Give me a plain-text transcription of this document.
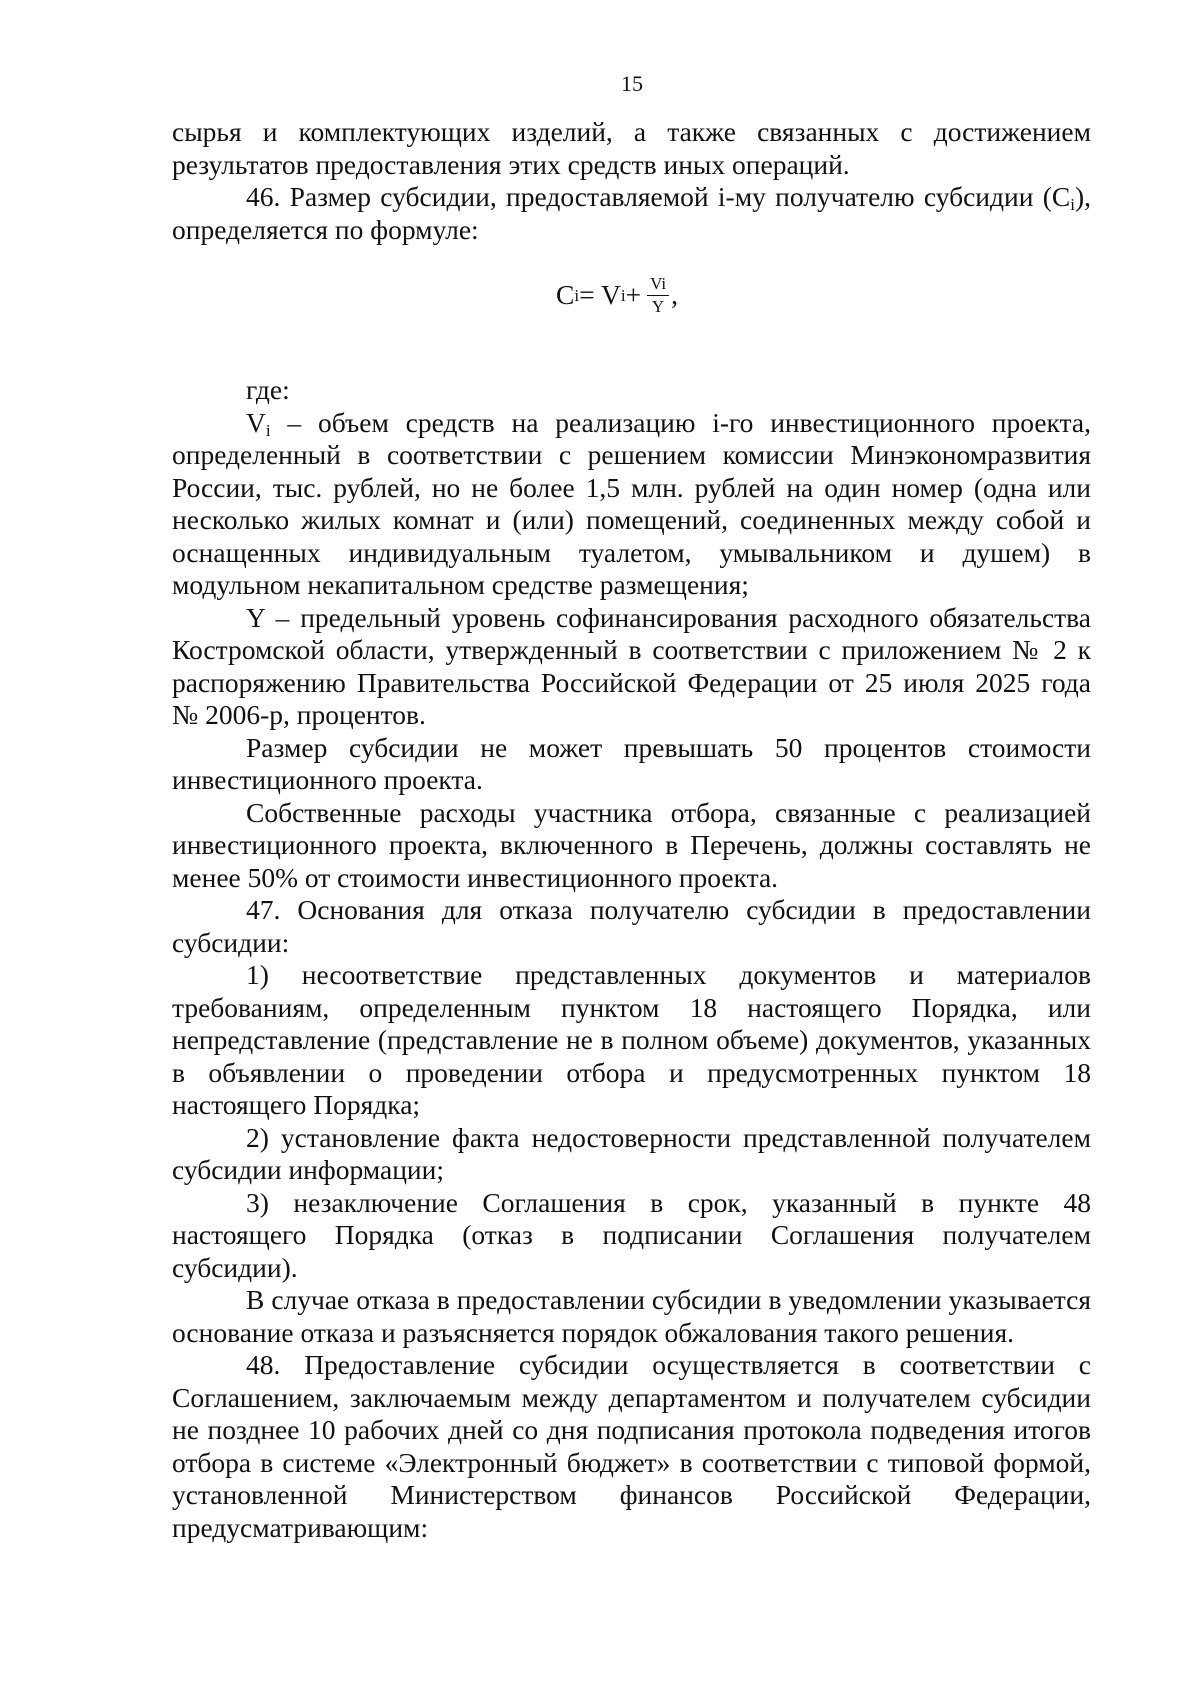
15

сырья и комплектующих изделий, а также связанных с достижением результатов предоставления этих средств иных операций.

46. Размер субсидии, предоставляемой i-му получателю субсидии $(C_i)$, определяется по формуле:

C i = V $i + \frac{Vi}{Y}$ ,

где:

$V_i$ – объем средств на реализацию i-го инвестиционного проекта, определенный в соответствии с решением комиссии Минэкономразвития России, тыс. рублей, но не более 1,5 млн. рублей на один номер (одна или несколько жилых комнат и (или) помещений, соединенных между собой и оснащенных индивидуальным туалетом, умывальником и душем) в модульном некапитальном средстве размещения;

Y – предельный уровень софинансирования расходного обязательства Костромской области, утвержденный в соответствии с приложением № 2 к распоряжению Правительства Российской Федерации от 25 июля 2025 года № 2006-р, процентов.

Размер субсидии не может превышать 50 процентов стоимости инвестиционного проекта.

Собственные расходы участника отбора, связанные с реализацией инвестиционного проекта, включенного в Перечень, должны составлять не менее 50% от стоимости инвестиционного проекта.

47. Основания для отказа получателю субсидии в предоставлении субсидии:

1) несоответствие представленных документов и материалов требованиям, определенным пунктом 18 настоящего Порядка, или непредставление (представление не в полном объеме) документов, указанных в объявлении о проведении отбора и предусмотренных пунктом 18 настоящего Порядка;

2) установление факта недостоверности представленной получателем субсидии информации;

3) незаключение Соглашения в срок, указанный в пункте 48 настоящего Порядка (отказ в подписании Соглашения получателем субсидии).

В случае отказа в предоставлении субсидии в уведомлении указывается основание отказа и разъясняется порядок обжалования такого решения.

48. Предоставление субсидии осуществляется в соответствии с Соглашением, заключаемым между департаментом и получателем субсидии не позднее 10 рабочих дней со дня подписания протокола подведения итогов отбора в системе «Электронный бюджет» в соответствии с типовой формой, установленной Министерством финансов Российской Федерации, предусматривающим:
